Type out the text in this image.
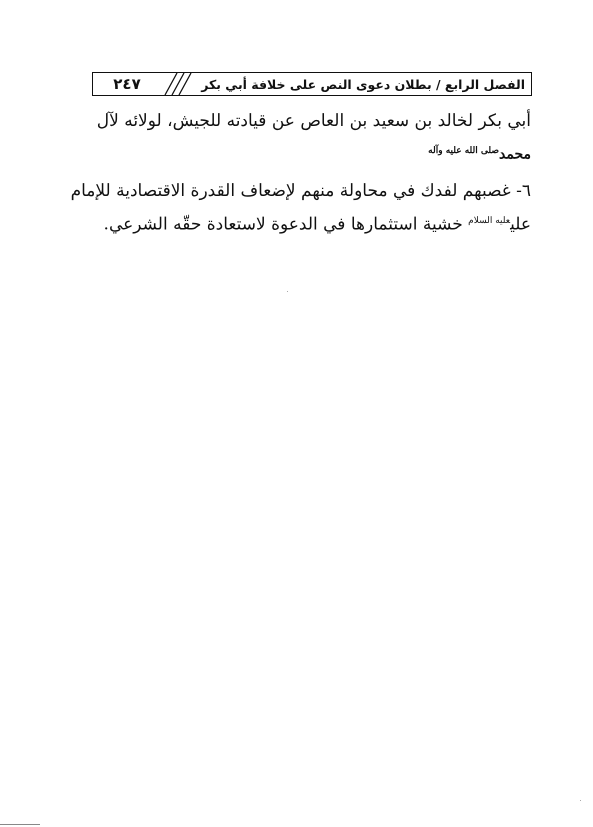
٢٤٧	الفصل الرابع / بطلان دعوى النص على خلافة أبي بكر
أبي بكر لخالد بن سعيد بن العاص عن قيادته للجيش، لولائه لآل
محمد$^{صلى الله عليه وآله}$
٦- غصبهم لفدك في محاولة منهم لإضعاف القدرة الاقتصادية للإمام
علي$^{عليه السلام}$ خشية استثمارها في الدعوة لاستعادة حقّه الشرعي.
